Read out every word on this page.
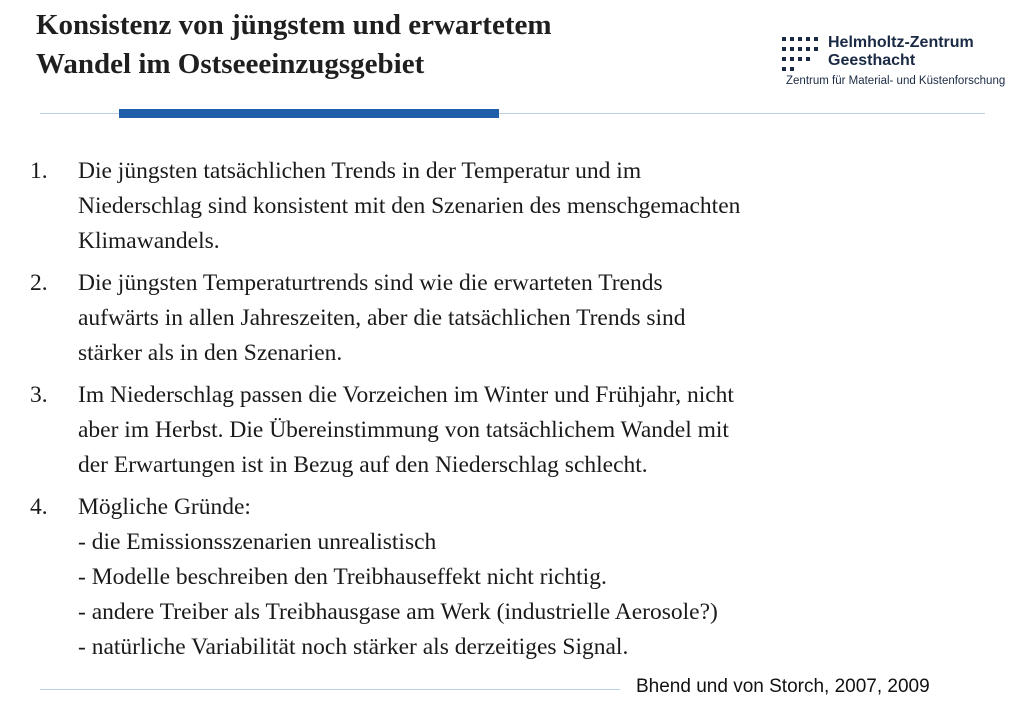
Konsistenz von jüngstem und erwartetem
Wandel im Ostseeeinzugsgebiet
Helmholtz-Zentrum
Geesthacht
Zentrum für Material- und Küstenforschung
1. Die jüngsten tatsächlichen Trends in der Temperatur und im
Niederschlag sind konsistent mit den Szenarien des menschgemachten
Klimawandels.
2. Die jüngsten Temperaturtrends sind wie die erwarteten Trends
aufwärts in allen Jahreszeiten, aber die tatsächlichen Trends sind
stärker als in den Szenarien.
3. Im Niederschlag passen die Vorzeichen im Winter und Frühjahr, nicht
aber im Herbst. Die Übereinstimmung von tatsächlichem Wandel mit
der Erwartungen ist in Bezug auf den Niederschlag schlecht.
4. Mögliche Gründe:
- die Emissionsszenarien unrealistisch
- Modelle beschreiben den Treibhauseffekt nicht richtig.
- andere Treiber als Treibhausgase am Werk (industrielle Aerosole?)
- natürliche Variabilität noch stärker als derzeitiges Signal.
Bhend und von Storch, 2007, 2009
